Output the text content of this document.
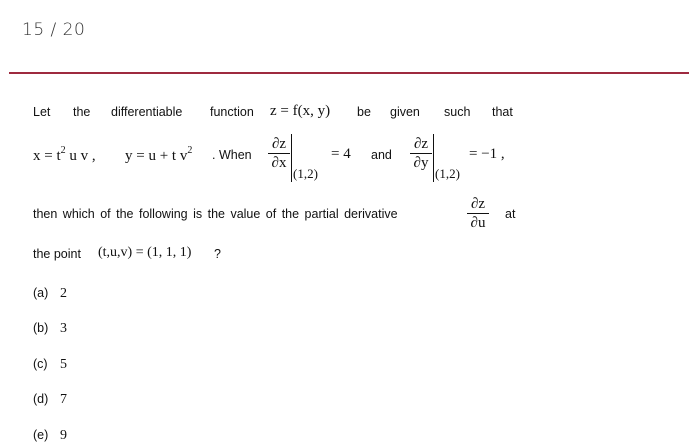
15 / 20
Let the differentiable function z = f(x, y) be given such that
$x = t^2$ u v , y = u + t $v^2$ . When
∂z
∂x
(1,2)
= 4 and
∂z
∂y
(1,2)
= −1 ,
then which of the following is the value of the partial derivative
∂z
∂u
at
the point (t,u,v) = (1, 1, 1) ?
(a) 2
(b) 3
(c) 5
(d) 7
(e) 9
